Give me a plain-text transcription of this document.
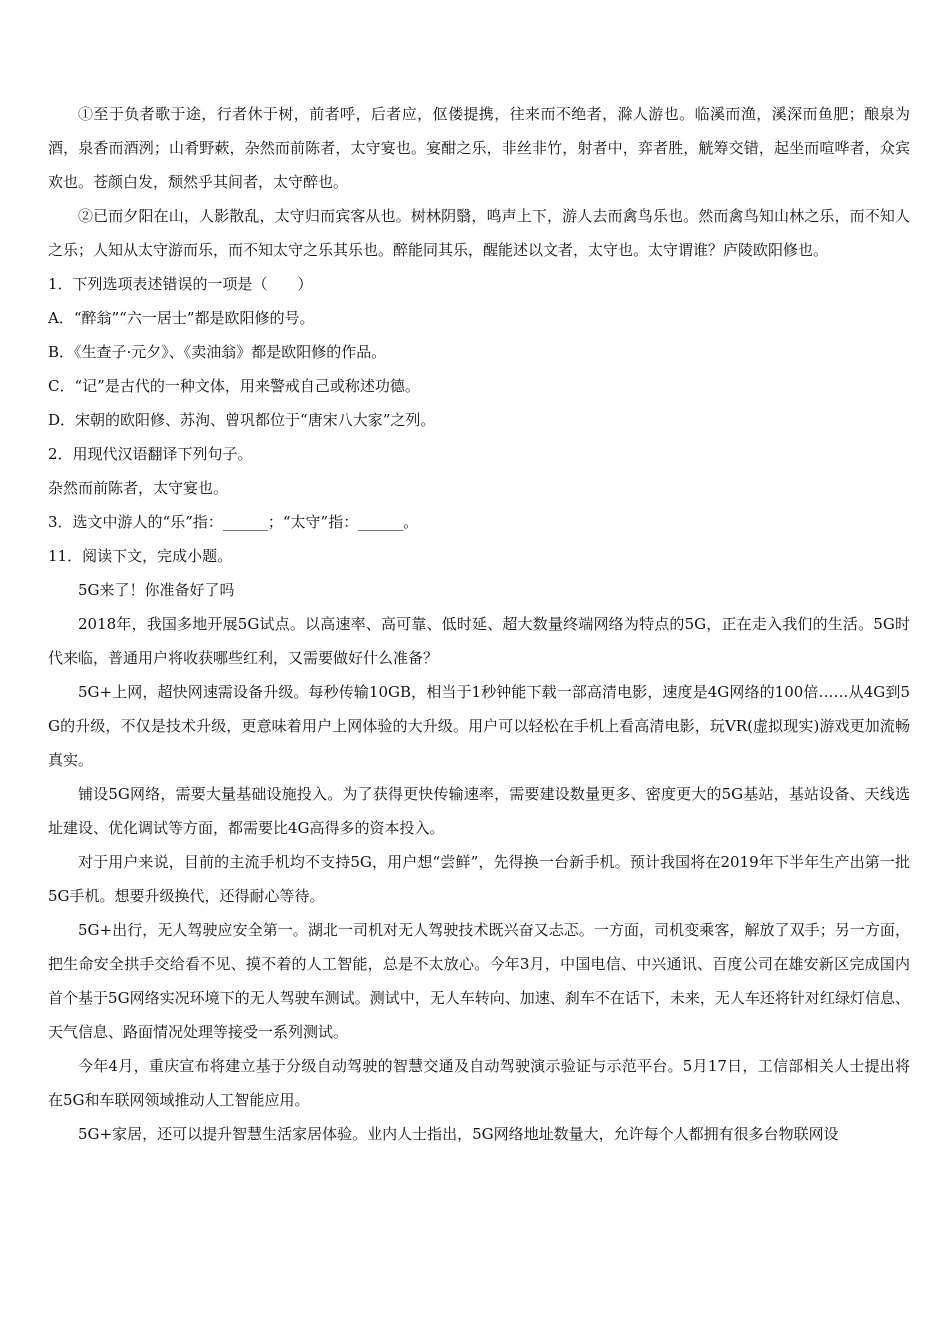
①至于负者歌于途，行者休于树，前者呼，后者应，伛偻提携，往来而不绝者，滁人游也。临溪而渔，溪深而鱼肥；酿泉为酒，泉香而酒洌；山肴野蔌，杂然而前陈者，太守宴也。宴酣之乐，非丝非竹，射者中，弈者胜，觥筹交错，起坐而喧哗者，众宾欢也。苍颜白发，颓然乎其间者，太守醉也。

②已而夕阳在山，人影散乱，太守归而宾客从也。树林阴翳，鸣声上下，游人去而禽鸟乐也。然而禽鸟知山林之乐，而不知人之乐；人知从太守游而乐，而不知太守之乐其乐也。醉能同其乐，醒能述以文者，太守也。太守谓谁？庐陵欧阳修也。

1．下列选项表述错误的一项是（　　）

A．“醉翁”“六一居士”都是欧阳修的号。

B．《生查子·元夕》、《卖油翁》都是欧阳修的作品。

C．“记”是古代的一种文体，用来警戒自己或称述功德。

D．宋朝的欧阳修、苏洵、曾巩都位于“唐宋八大家”之列。

2．用现代汉语翻译下列句子。

杂然而前陈者，太守宴也。

3．选文中游人的“乐”指：______；“太守”指：______。

11．阅读下文，完成小题。

5G来了！你准备好了吗

2018年，我国多地开展5G试点。以高速率、高可靠、低时延、超大数量终端网络为特点的5G，正在走入我们的生活。5G时代来临，普通用户将收获哪些红利，又需要做好什么准备？

5G+上网，超快网速需设备升级。每秒传输10GB，相当于1秒钟能下载一部高清电影，速度是4G网络的100倍……从4G到5G的升级，不仅是技术升级，更意味着用户上网体验的大升级。用户可以轻松在手机上看高清电影，玩VR(虚拟现实)游戏更加流畅真实。

铺设5G网络，需要大量基础设施投入。为了获得更快传输速率，需要建设数量更多、密度更大的5G基站，基站设备、天线选址建设、优化调试等方面，都需要比4G高得多的资本投入。

对于用户来说，目前的主流手机均不支持5G，用户想“尝鲜”，先得换一台新手机。预计我国将在2019年下半年生产出第一批5G手机。想要升级换代，还得耐心等待。

5G+出行，无人驾驶应安全第一。湖北一司机对无人驾驶技术既兴奋又忐忑。一方面，司机变乘客，解放了双手；另一方面，把生命安全拱手交给看不见、摸不着的人工智能，总是不太放心。今年3月，中国电信、中兴通讯、百度公司在雄安新区完成国内首个基于5G网络实况环境下的无人驾驶车测试。测试中，无人车转向、加速、刹车不在话下，未来，无人车还将针对红绿灯信息、天气信息、路面情况处理等接受一系列测试。

今年4月，重庆宣布将建立基于分级自动驾驶的智慧交通及自动驾驶演示验证与示范平台。5月17日，工信部相关人士提出将在5G和车联网领域推动人工智能应用。

5G+家居，还可以提升智慧生活家居体验。业内人士指出，5G网络地址数量大，允许每个人都拥有很多台物联网设
